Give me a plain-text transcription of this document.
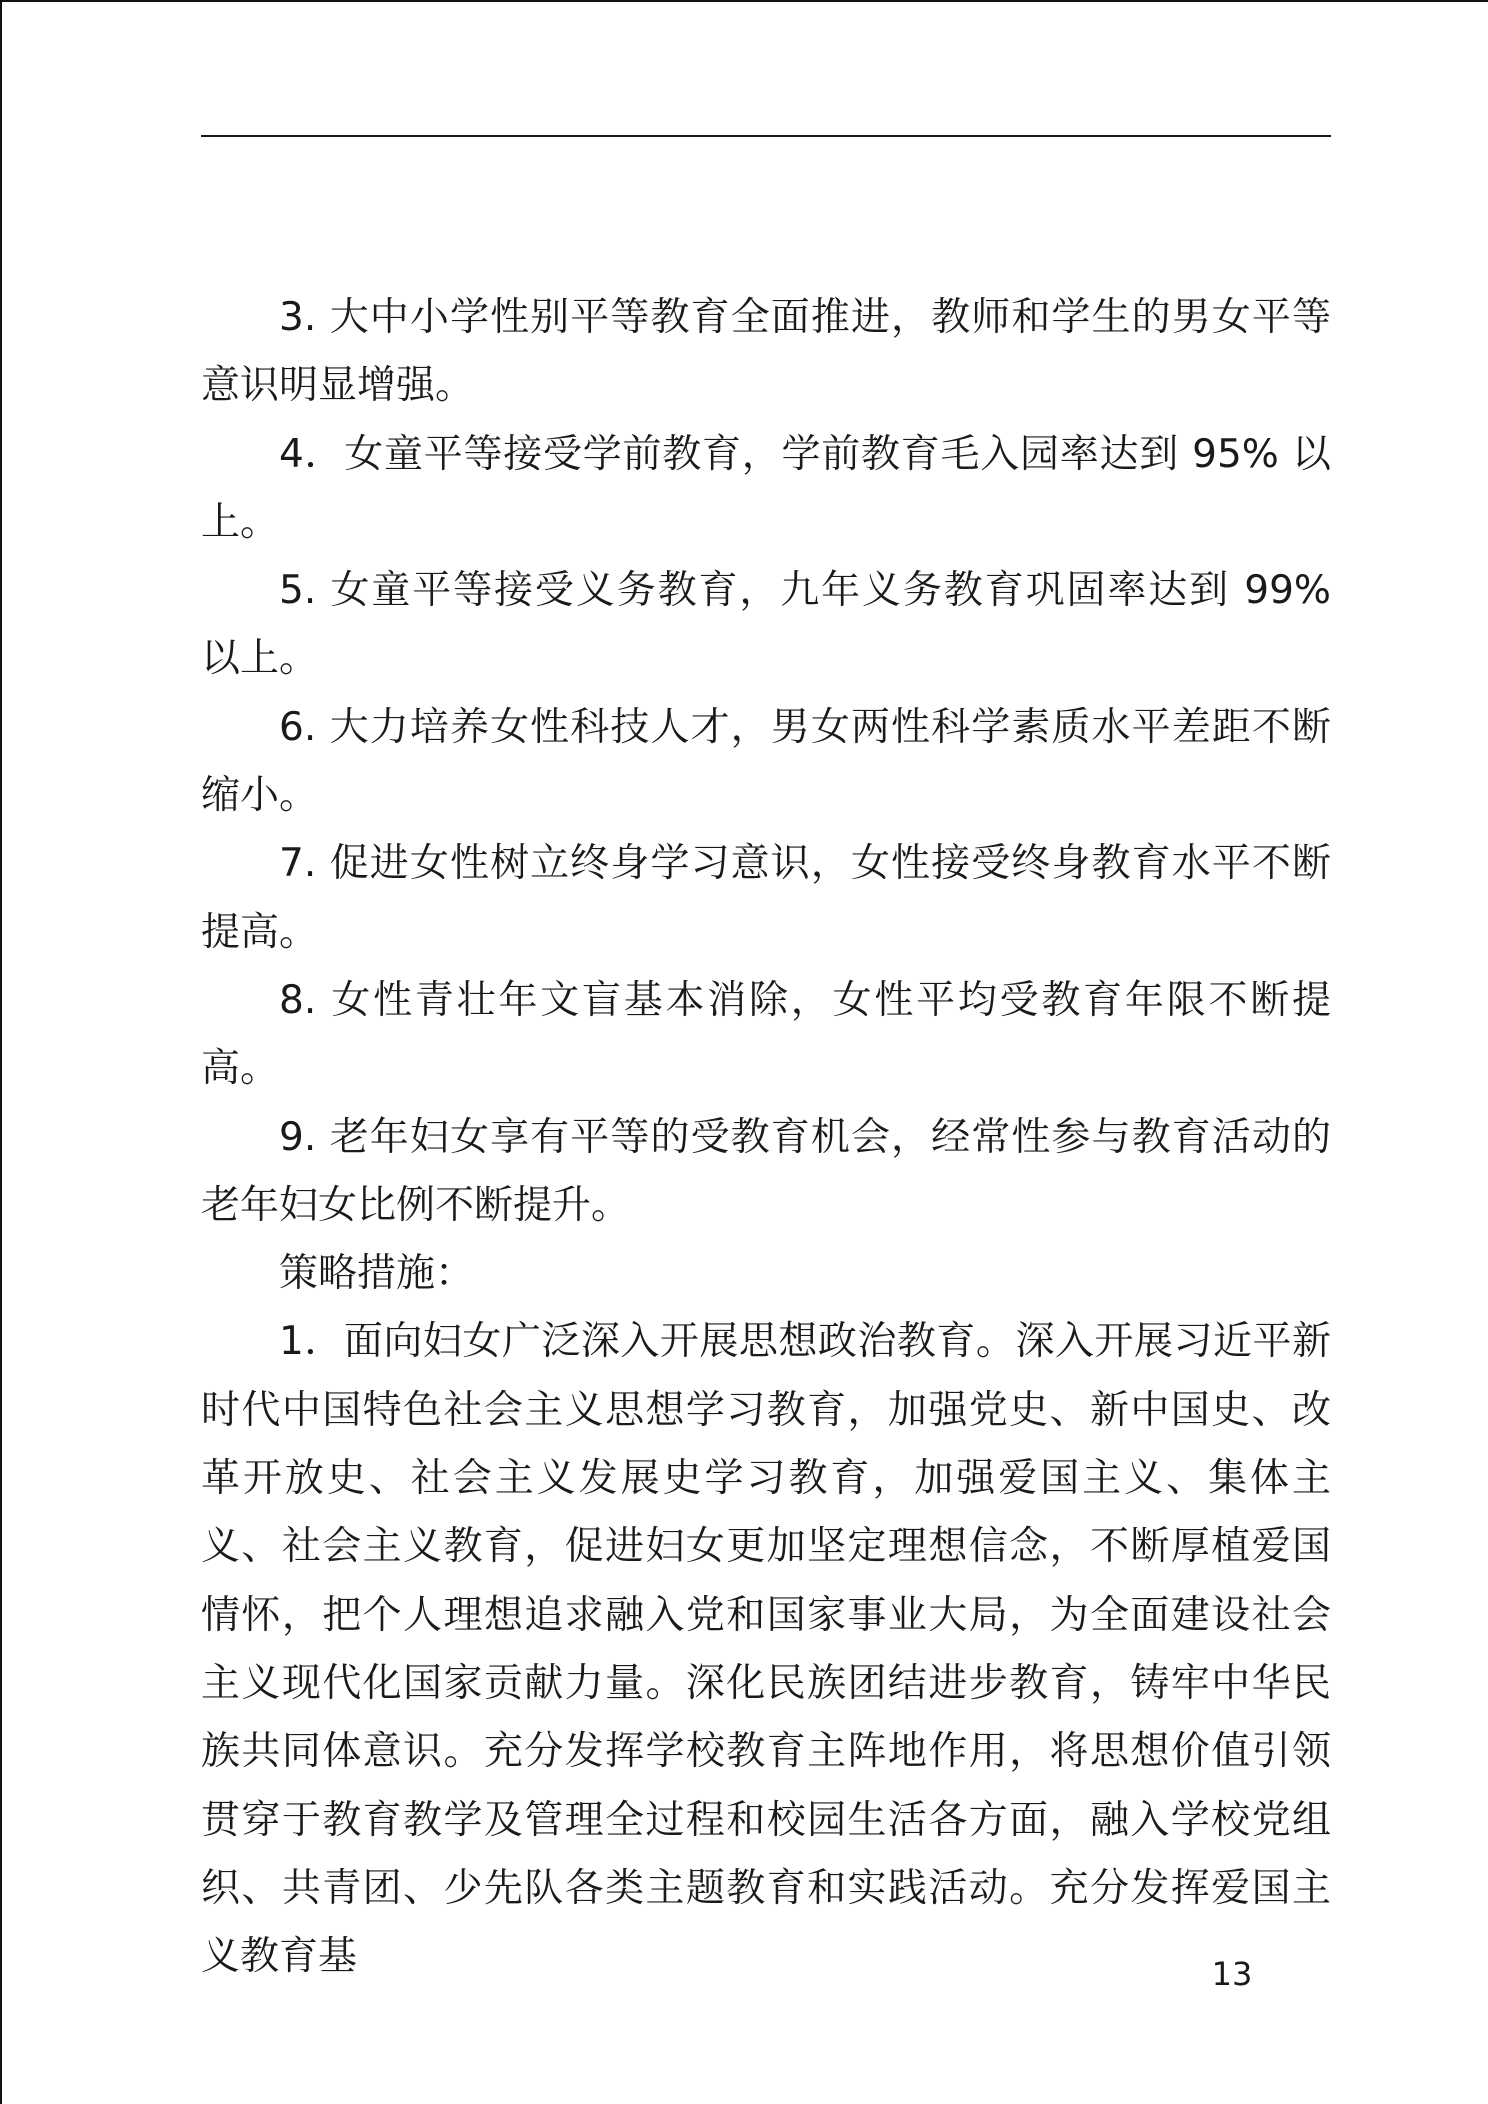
3. 大中小学性别平等教育全面推进，教师和学生的男女平等意识明显增强。

4．女童平等接受学前教育，学前教育毛入园率达到 95% 以上。

5. 女童平等接受义务教育，九年义务教育巩固率达到 99% 以上。

6. 大力培养女性科技人才，男女两性科学素质水平差距不断缩小。

7. 促进女性树立终身学习意识，女性接受终身教育水平不断提高。

8. 女性青壮年文盲基本消除，女性平均受教育年限不断提高。

9. 老年妇女享有平等的受教育机会，经常性参与教育活动的老年妇女比例不断提升。

策略措施：

1．面向妇女广泛深入开展思想政治教育。深入开展习近平新时代中国特色社会主义思想学习教育，加强党史、新中国史、改革开放史、社会主义发展史学习教育，加强爱国主义、集体主义、社会主义教育，促进妇女更加坚定理想信念，不断厚植爱国情怀，把个人理想追求融入党和国家事业大局，为全面建设社会主义现代化国家贡献力量。深化民族团结进步教育，铸牢中华民族共同体意识。充分发挥学校教育主阵地作用，将思想价值引领贯穿于教育教学及管理全过程和校园生活各方面，融入学校党组织、共青团、少先队各类主题教育和实践活动。充分发挥爱国主义教育基	13
